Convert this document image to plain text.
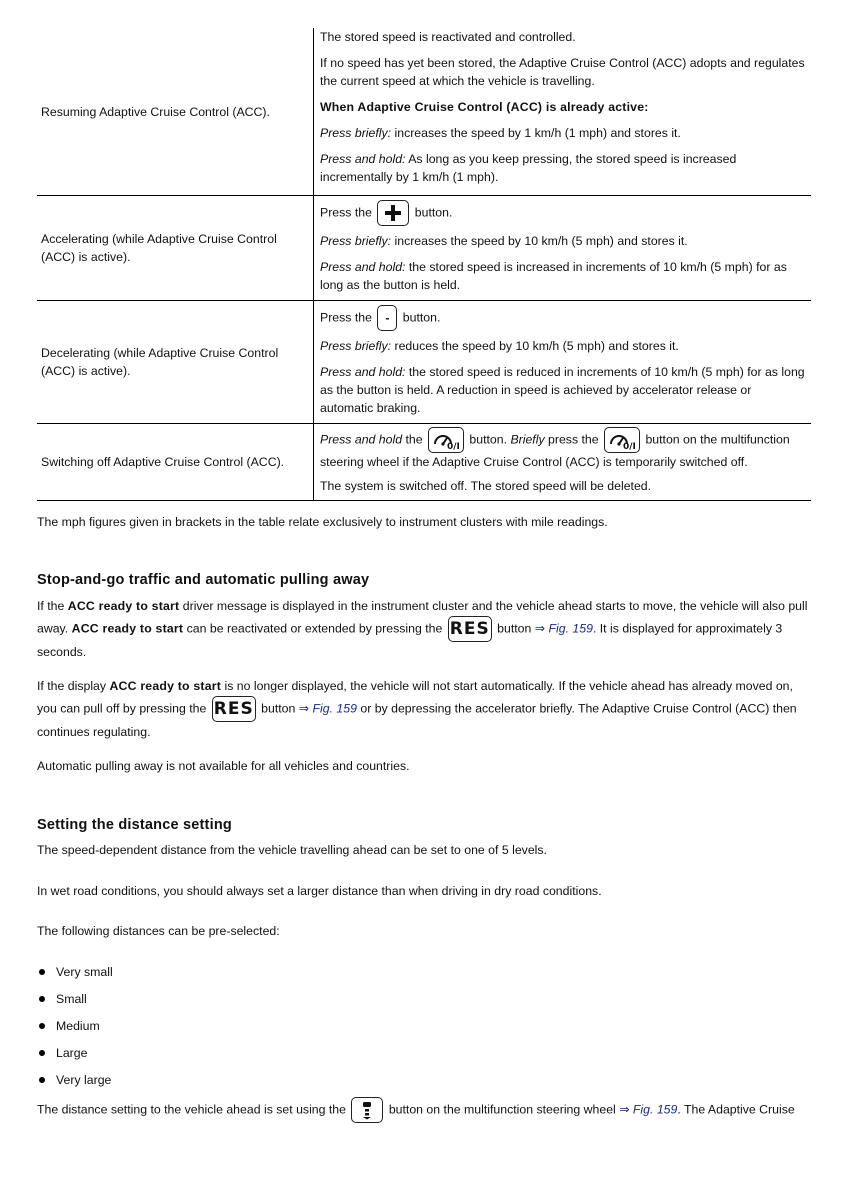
Resuming Adaptive Cruise Control (ACC).

The stored speed is reactivated and controlled.

If no speed has yet been stored, the Adaptive Cruise Control (ACC) adopts and regulates the current speed at which the vehicle is travelling.

When Adaptive Cruise Control (ACC) is already active:

Press briefly: increases the speed by 1 km/h (1 mph) and stores it.

Press and hold: As long as you keep pressing, the stored speed is increased incrementally by 1 km/h (1 mph).

Accelerating (while Adaptive Cruise Control (ACC) is active).

Press the	button.

Press briefly: increases the speed by 10 km/h (5 mph) and stores it.

Press and hold: the stored speed is increased in increments of 10 km/h (5 mph) for as long as the button is held.

Decelerating (while Adaptive Cruise Control (ACC) is active).

Press the - button.

Press briefly: reduces the speed by 10 km/h (5 mph) and stores it.

Press and hold: the stored speed is reduced in increments of 10 km/h (5 mph) for as long as the button is held. A reduction in speed is achieved by accelerator release or automatic braking.

Switching off Adaptive Cruise Control (ACC).

Press and hold the
0/I
button. Briefly press the
0/I
button on the multifunction steering wheel if the Adaptive Cruise Control (ACC) is temporarily switched off.

The system is switched off. The stored speed will be deleted.

The mph figures given in brackets in the table relate exclusively to instrument clusters with mile readings.

Stop-and-go traffic and automatic pulling away

If the ACC ready to start driver message is displayed in the instrument cluster and the vehicle ahead starts to move, the vehicle will also pull away. ACC ready to start can be reactivated or extended by pressing the RES button ⇒ Fig. 159. It is displayed for approximately 3 seconds.

If the display ACC ready to start is no longer displayed, the vehicle will not start automatically. If the vehicle ahead has already moved on, you can pull off by pressing the RES button ⇒ Fig. 159 or by depressing the accelerator briefly. The Adaptive Cruise Control (ACC) then continues regulating.

Automatic pulling away is not available for all vehicles and countries.

Setting the distance setting

The speed-dependent distance from the vehicle travelling ahead can be set to one of 5 levels.

In wet road conditions, you should always set a larger distance than when driving in dry road conditions.

The following distances can be pre-selected:

Very small
Small
Medium
Large
Very large

The distance setting to the vehicle ahead is set using the	button on the multifunction steering wheel ⇒ Fig. 159. The Adaptive Cruise
